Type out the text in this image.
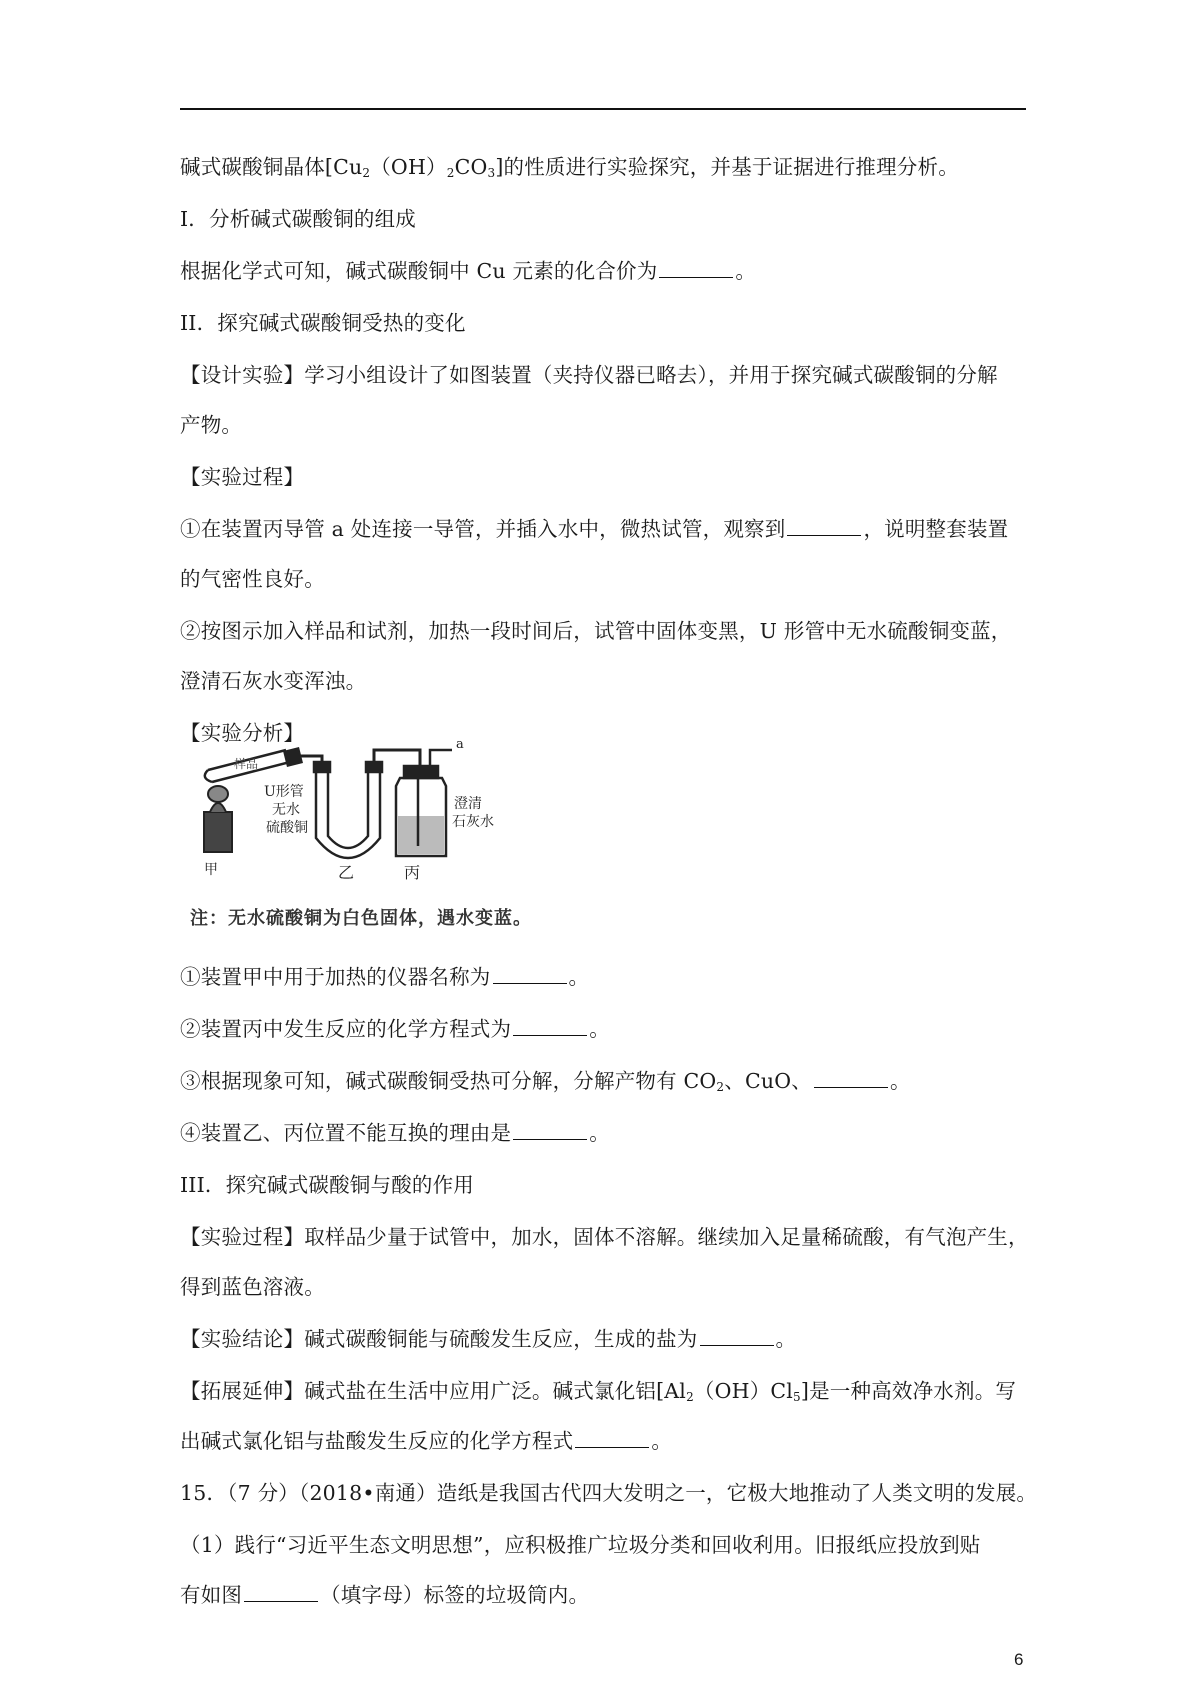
碱式碳酸铜晶体$[Cu_2(OH)_2CO_3]$的性质进行实验探究，并基于证据进行推理分析。
I．分析碱式碳酸铜的组成
根据化学式可知，碱式碳酸铜中 Cu 元素的化合价为	。
II．探究碱式碳酸铜受热的变化
【设计实验】学习小组设计了如图装置（夹持仪器已略去），并用于探究碱式碳酸铜的分解
产物。
【实验过程】
①在装置丙导管 a 处连接一导管，并插入水中，微热试管，观察到	，说明整套装置
的气密性良好。
②按图示加入样品和试剂，加热一段时间后，试管中固体变黑，U 形管中无水硫酸铜变蓝，
澄清石灰水变浑浊。
【实验分析】	a
样品
U形管
无水
硫酸铜
澄清
石灰水
甲	乙	丙
注：无水硫酸铜为白色固体，遇水变蓝。
①装置甲中用于加热的仪器名称为	。
②装置丙中发生反应的化学方程式为	。
③根据现象可知，碱式碳酸铜受热可分解，分解产物有 $CO_2$、CuO、	。
④装置乙、丙位置不能互换的理由是	。
III．探究碱式碳酸铜与酸的作用
【实验过程】取样品少量于试管中，加水，固体不溶解。继续加入足量稀硫酸，有气泡产生，
得到蓝色溶液。
【实验结论】碱式碳酸铜能与硫酸发生反应，生成的盐为	。
【拓展延伸】碱式盐在生活中应用广泛。碱式氯化铝$[Al_2(OH)Cl_5]$是一种高效净水剂。写
出碱式氯化铝与盐酸发生反应的化学方程式	。
15．（7 分）（2018•南通）造纸是我国古代四大发明之一，它极大地推动了人类文明的发展。
（1）践行“习近平生态文明思想”，应积极推广垃圾分类和回收利用。旧报纸应投放到贴
有如图	（填字母）标签的垃圾筒内。
6
